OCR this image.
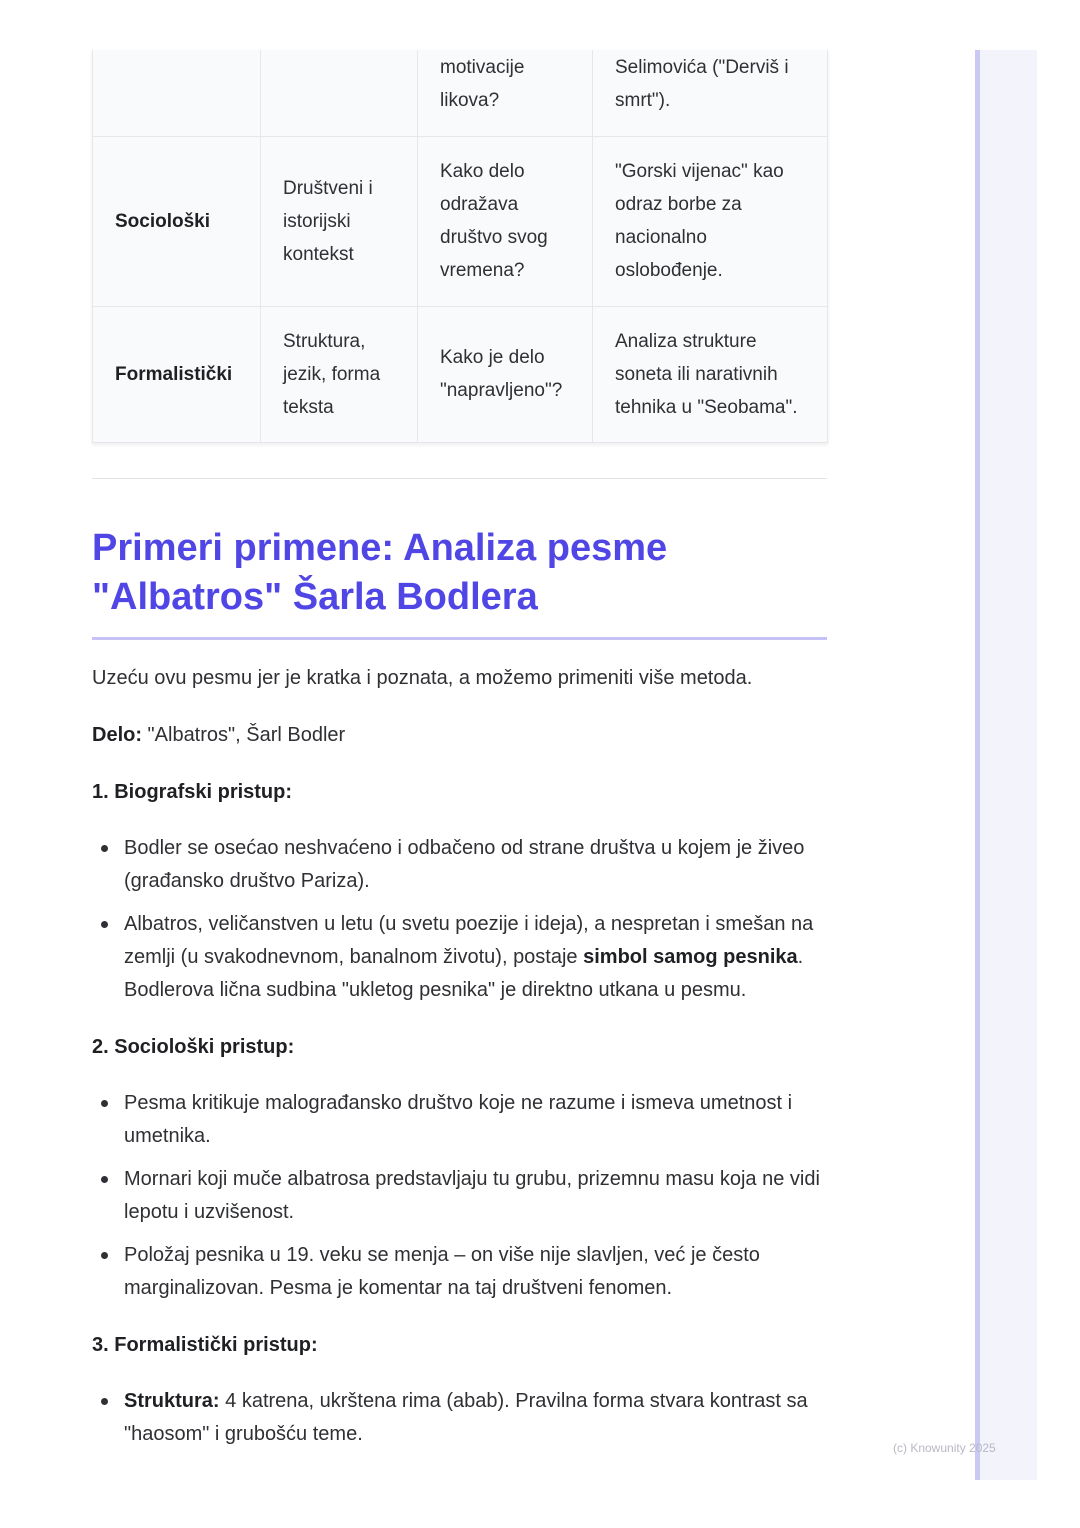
		motivacije likova?	Selimovića ("Derviš i smrt").
Sociološki	Društveni i istorijski kontekst	Kako delo odražava društvo svog vremena?	"Gorski vijenac" kao odraz borbe za nacionalno oslobođenje.
Formalistički	Struktura, jezik, forma teksta	Kako je delo "napravljeno"?	Analiza strukture soneta ili narativnih tehnika u "Seobama".
Primeri primene: Analiza pesme "Albatros" Šarla Bodlera

Uzeću ovu pesmu jer je kratka i poznata, a možemo primeniti više metoda.

Delo: "Albatros", Šarl Bodler

1. Biografski pristup:

Bodler se osećao neshvaćeno i odbačeno od strane društva u kojem je živeo (građansko društvo Pariza).
Albatros, veličanstven u letu (u svetu poezije i ideja), a nespretan i smešan na zemlji (u svakodnevnom, banalnom životu), postaje simbol samog pesnika. Bodlerova lična sudbina "ukletog pesnika" je direktno utkana u pesmu.

2. Sociološki pristup:

Pesma kritikuje malograđansko društvo koje ne razume i ismeva umetnost i umetnika.
Mornari koji muče albatrosa predstavljaju tu grubu, prizemnu masu koja ne vidi lepotu i uzvišenost.
Položaj pesnika u 19. veku se menja – on više nije slavljen, već je često marginalizovan. Pesma je komentar na taj društveni fenomen.

3. Formalistički pristup:

Struktura: 4 katrena, ukrštena rima (abab). Pravilna forma stvara kontrast sa "haosom" i grubošću teme.
(c) Knowunity 2025
